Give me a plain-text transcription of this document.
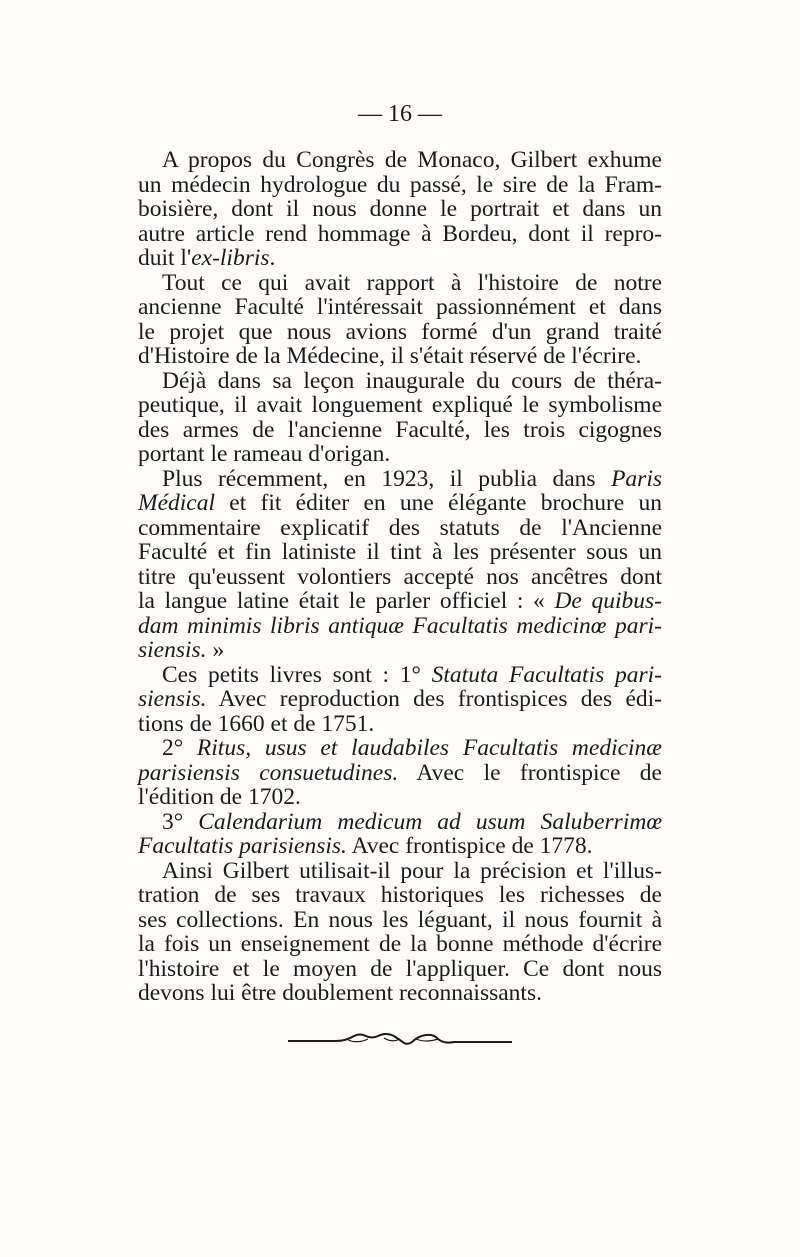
— 16 —
A propos du Congrès de Monaco, Gilbert exhume
un médecin hydrologue du passé, le sire de la Fram-
boisière, dont il nous donne le portrait et dans un
autre article rend hommage à Bordeu, dont il repro-
duit l'ex-libris.
Tout ce qui avait rapport à l'histoire de notre
ancienne Faculté l'intéressait passionnément et dans
le projet que nous avions formé d'un grand traité
d'Histoire de la Médecine, il s'était réservé de l'écrire.
Déjà dans sa leçon inaugurale du cours de théra-
peutique, il avait longuement expliqué le symbolisme
des armes de l'ancienne Faculté, les trois cigognes
portant le rameau d'origan.
Plus récemment, en 1923, il publia dans Paris
Médical et fit éditer en une élégante brochure un
commentaire explicatif des statuts de l'Ancienne
Faculté et fin latiniste il tint à les présenter sous un
titre qu'eussent volontiers accepté nos ancêtres dont
la langue latine était le parler officiel : « De quibus-
dam minimis libris antiquæ Facultatis medicinœ pari-
siensis. »
Ces petits livres sont : 1° Statuta Facultatis pari-
siensis. Avec reproduction des frontispices des édi-
tions de 1660 et de 1751.
2° Ritus, usus et laudabiles Facultatis medicinæ
parisiensis consuetudines. Avec le frontispice de
l'édition de 1702.
3° Calendarium medicum ad usum Saluberrimœ
Facultatis parisiensis. Avec frontispice de 1778.
Ainsi Gilbert utilisait-il pour la précision et l'illus-
tration de ses travaux historiques les richesses de
ses collections. En nous les léguant, il nous fournit à
la fois un enseignement de la bonne méthode d'écrire
l'histoire et le moyen de l'appliquer. Ce dont nous
devons lui être doublement reconnaissants.
